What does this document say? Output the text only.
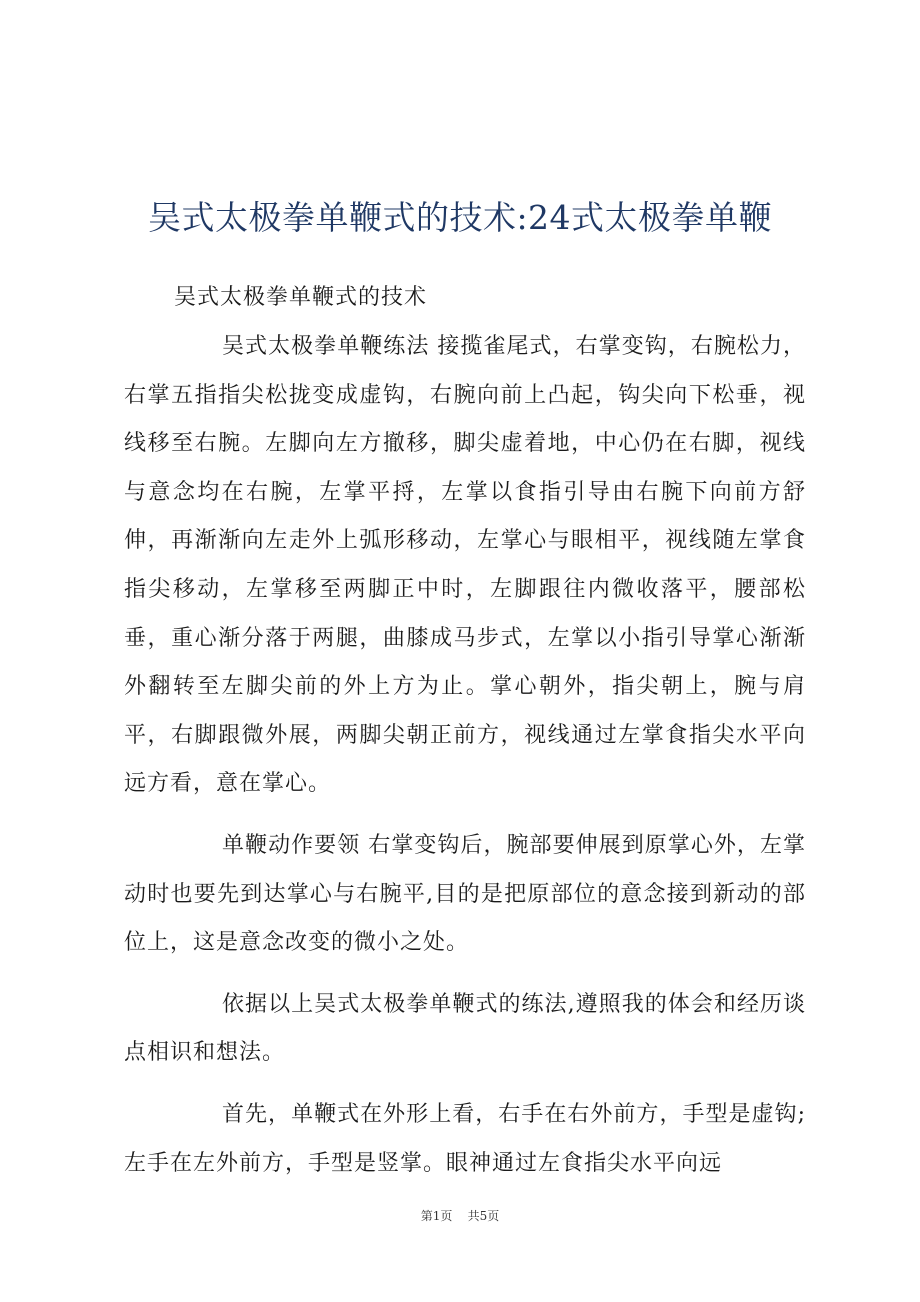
吴式太极拳单鞭式的技术:24式太极拳单鞭

吴式太极拳单鞭式的技术

吴式太极拳单鞭练法 接揽雀尾式，右掌变钩，右腕松力，右掌五指指尖松拢变成虚钩，右腕向前上凸起，钩尖向下松垂，视线移至右腕。左脚向左方撤移，脚尖虚着地，中心仍在右脚，视线与意念均在右腕，左掌平捋，左掌以食指引导由右腕下向前方舒伸，再渐渐向左走外上弧形移动，左掌心与眼相平，视线随左掌食指尖移动，左掌移至两脚正中时，左脚跟往内微收落平，腰部松垂，重心渐分落于两腿，曲膝成马步式，左掌以小指引导掌心渐渐外翻转至左脚尖前的外上方为止。掌心朝外，指尖朝上，腕与肩平，右脚跟微外展，两脚尖朝正前方，视线通过左掌食指尖水平向远方看，意在掌心。

单鞭动作要领 右掌变钩后，腕部要伸展到原掌心外，左掌动时也要先到达掌心与右腕平,目的是把原部位的意念接到新动的部位上，这是意念改变的微小之处。

依据以上吴式太极拳单鞭式的练法,遵照我的体会和经历谈点相识和想法。

首先，单鞭式在外形上看，右手在右外前方，手型是虚钩;左手在左外前方，手型是竖掌。眼神通过左食指尖水平向远

第1页 共5页
